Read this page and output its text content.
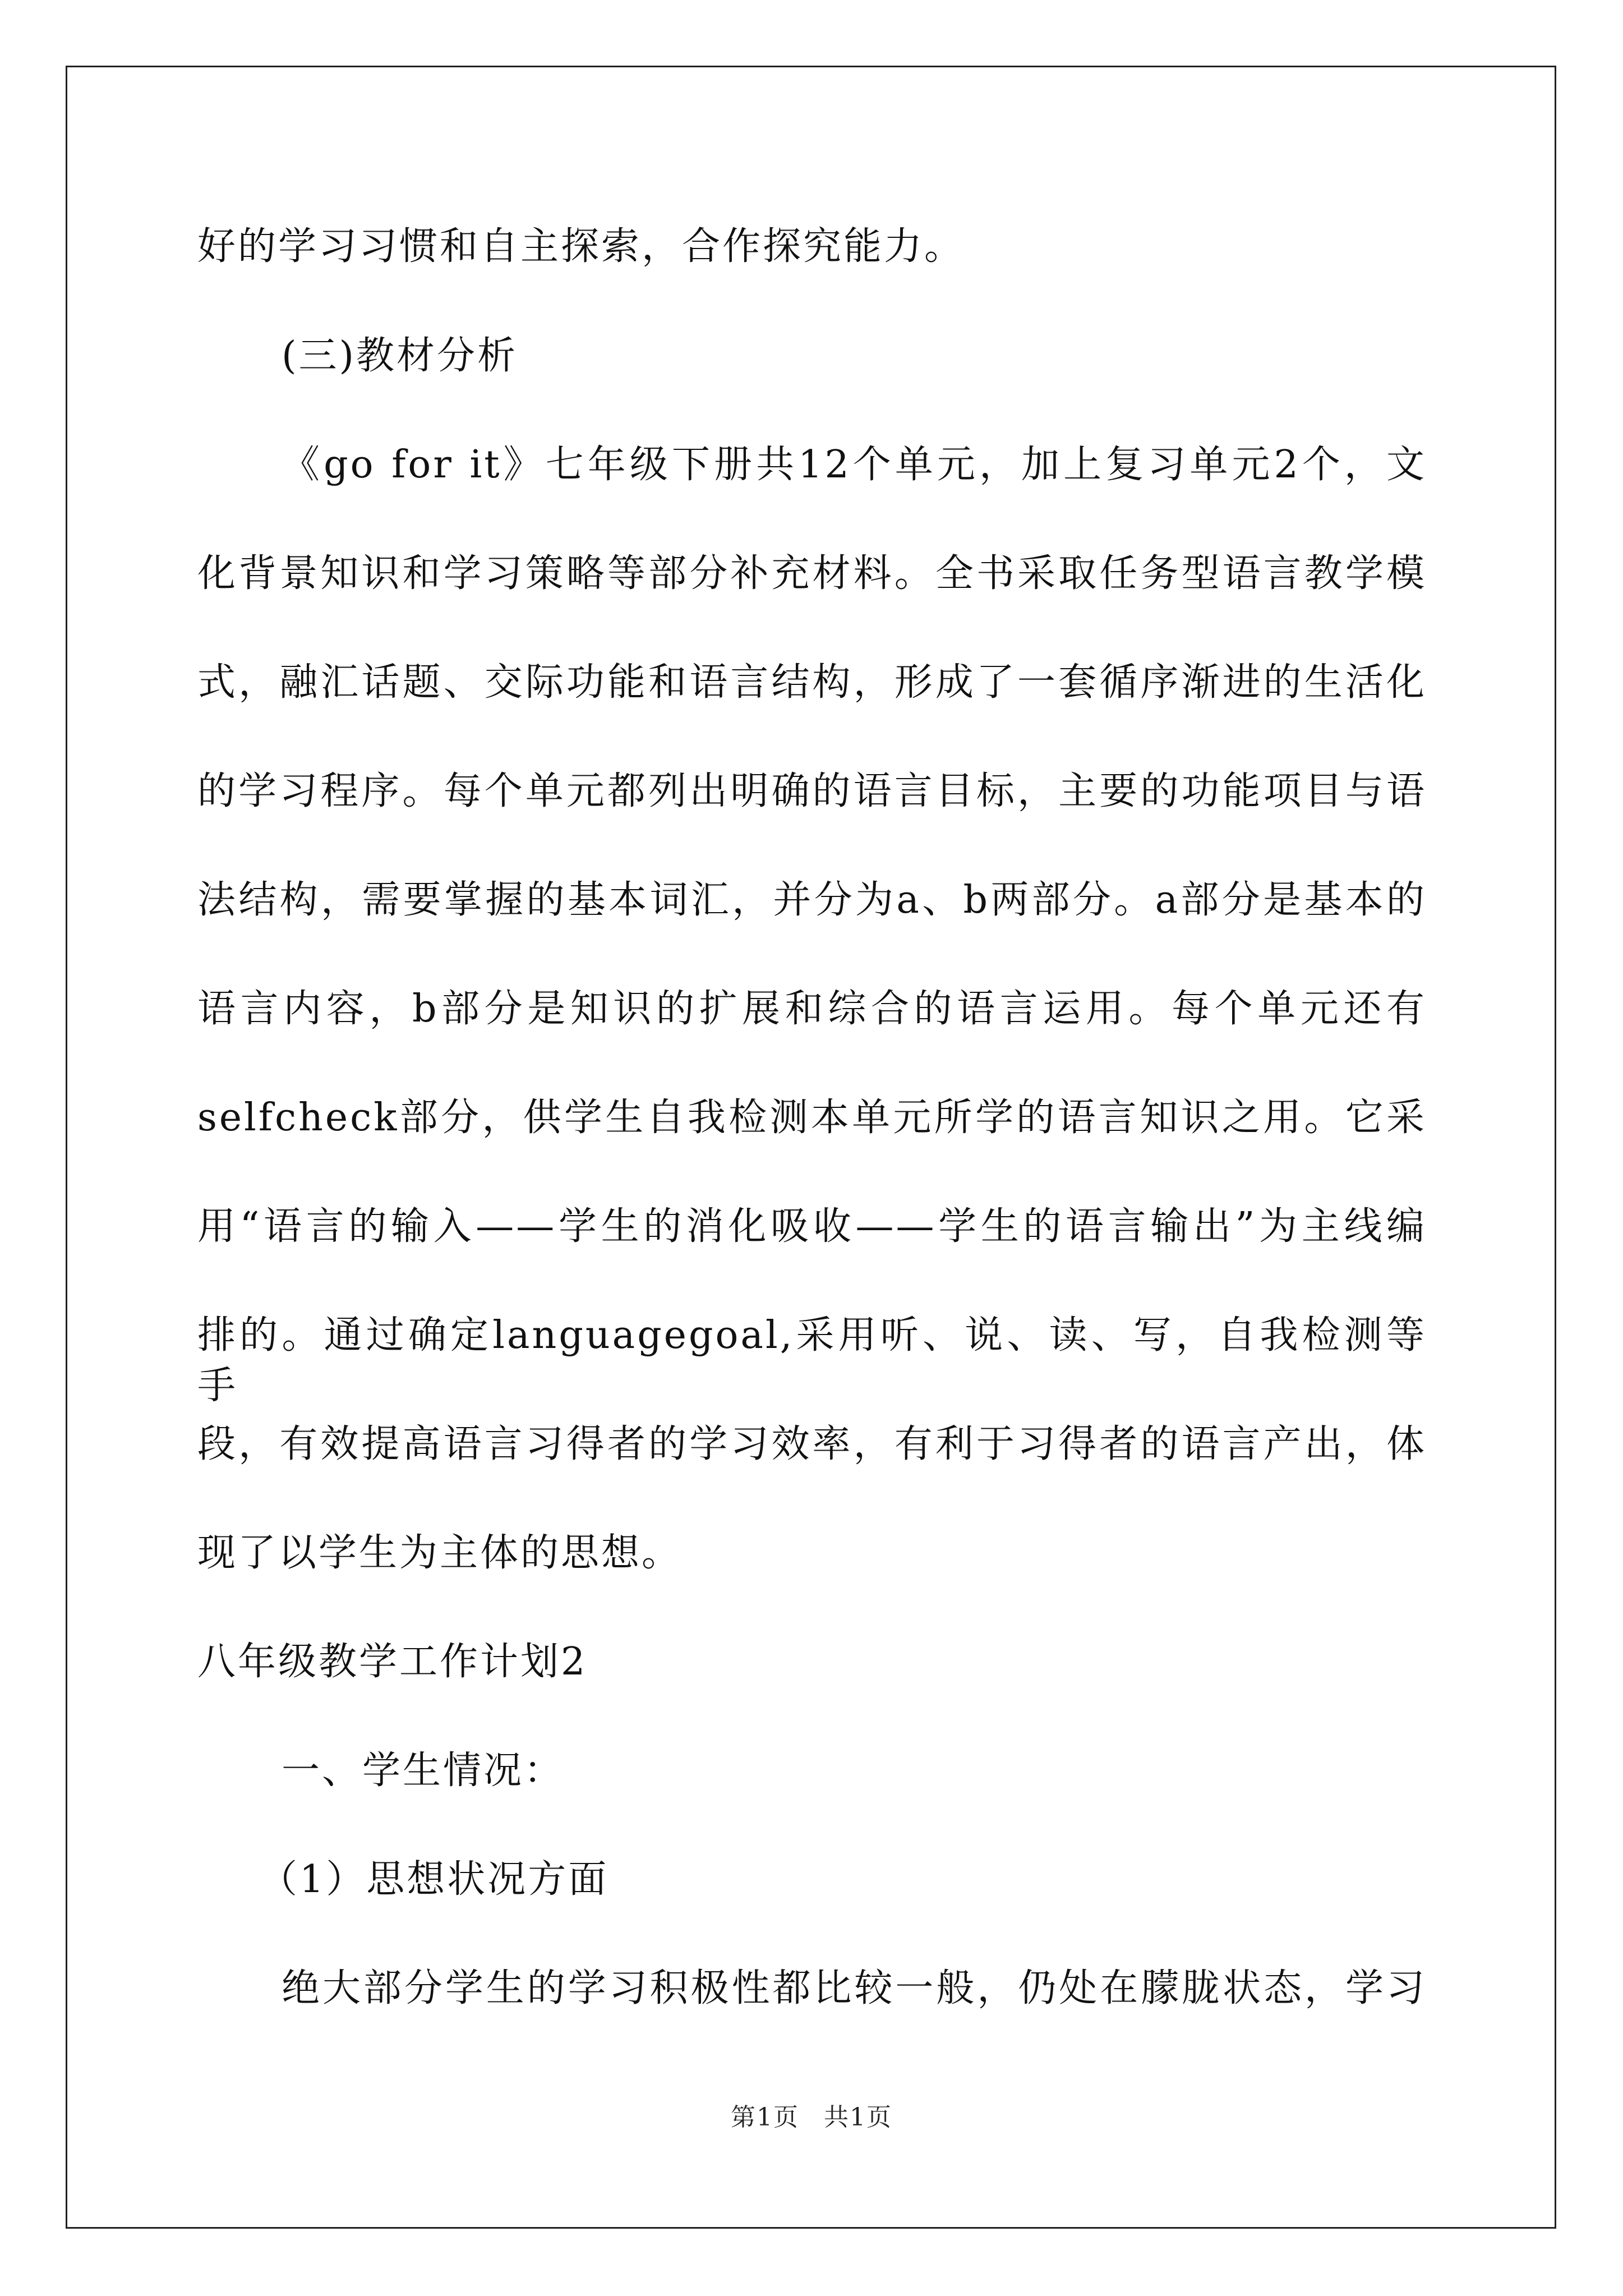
好的学习习惯和自主探索，合作探究能力。
(三)教材分析
《go for it》七年级下册共12个单元，加上复习单元2个，文
化背景知识和学习策略等部分补充材料。全书采取任务型语言教学模
式，融汇话题、交际功能和语言结构，形成了一套循序渐进的生活化
的学习程序。每个单元都列出明确的语言目标，主要的功能项目与语
法结构，需要掌握的基本词汇，并分为a、b两部分。a部分是基本的
语言内容，b部分是知识的扩展和综合的语言运用。每个单元还有
selfcheck部分，供学生自我检测本单元所学的语言知识之用。它采
用“语言的输入——学生的消化吸收——学生的语言输出”为主线编
排的。通过确定languagegoal,采用听、说、读、写，自我检测等手
段，有效提高语言习得者的学习效率，有利于习得者的语言产出，体
现了以学生为主体的思想。
八年级教学工作计划2
一、学生情况：
（1）思想状况方面
绝大部分学生的学习积极性都比较一般，仍处在朦胧状态，学习
第1页 共1页
